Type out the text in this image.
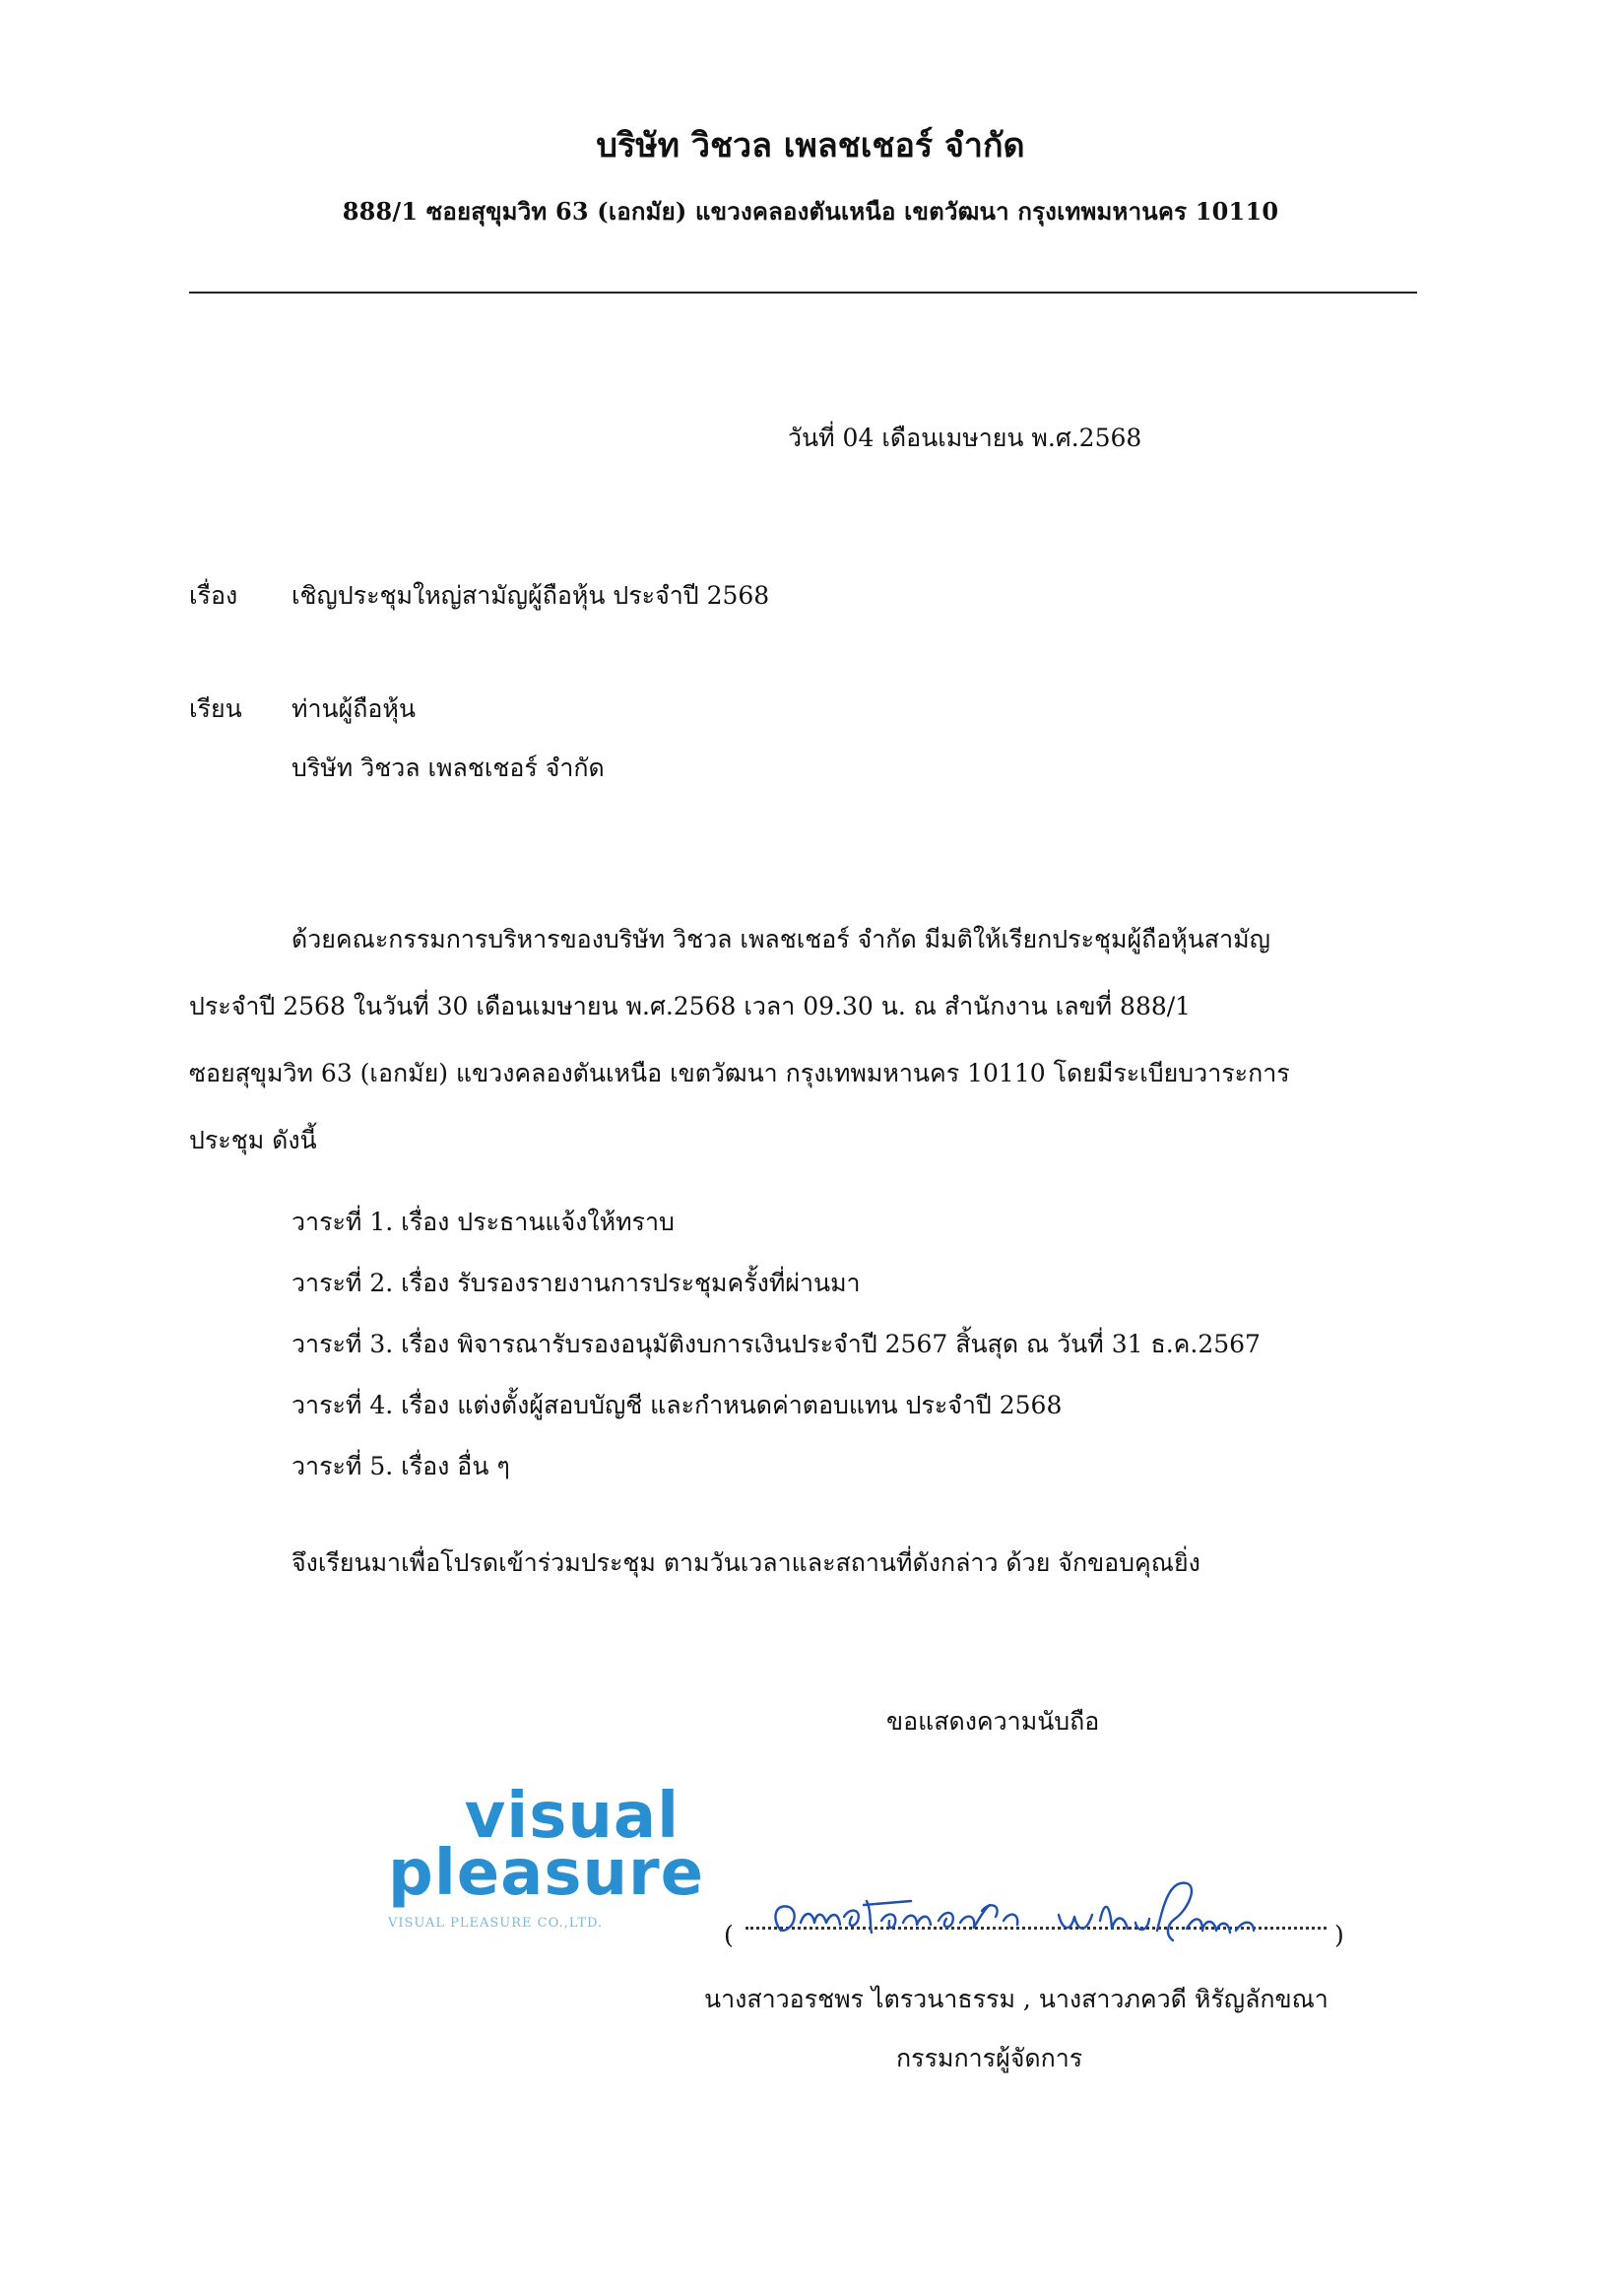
บริษัท วิชวล เพลชเชอร์ จำกัด
888/1 ซอยสุขุมวิท 63 (เอกมัย) แขวงคลองตันเหนือ เขตวัฒนา กรุงเทพมหานคร 10110
วันที่ 04 เดือนเมษายน พ.ศ.2568
เรื่อง เชิญประชุมใหญ่สามัญผู้ถือหุ้น ประจำปี 2568
เรียน ท่านผู้ถือหุ้น
บริษัท วิชวล เพลชเชอร์ จำกัด

ด้วยคณะกรรมการบริหารของบริษัท วิชวล เพลชเชอร์ จำกัด มีมติให้เรียกประชุมผู้ถือหุ้นสามัญ
ประจำปี 2568 ในวันที่ 30 เดือนเมษายน พ.ศ.2568 เวลา 09.30 น. ณ สำนักงาน เลขที่ 888/1
ซอยสุขุมวิท 63 (เอกมัย) แขวงคลองตันเหนือ เขตวัฒนา กรุงเทพมหานคร 10110 โดยมีระเบียบวาระการ
ประชุม ดังนี้

วาระที่ 1. เรื่อง ประธานแจ้งให้ทราบ
วาระที่ 2. เรื่อง รับรองรายงานการประชุมครั้งที่ผ่านมา
วาระที่ 3. เรื่อง พิจารณารับรองอนุมัติงบการเงินประจำปี 2567 สิ้นสุด ณ วันที่ 31 ธ.ค.2567
วาระที่ 4. เรื่อง แต่งตั้งผู้สอบบัญชี และกำหนดค่าตอบแทน ประจำปี 2568
วาระที่ 5. เรื่อง อื่น ๆ
จึงเรียนมาเพื่อโปรดเข้าร่วมประชุม ตามวันเวลาและสถานที่ดังกล่าว ด้วย จักขอบคุณยิ่ง
ขอแสดงความนับถือ
visual
pleasure
VISUAL PLEASURE CO.,LTD.	(	)
นางสาวอรชพร ไตรวนาธรรม , นางสาวภควดี หิรัญลักขณา
กรรมการผู้จัดการ
